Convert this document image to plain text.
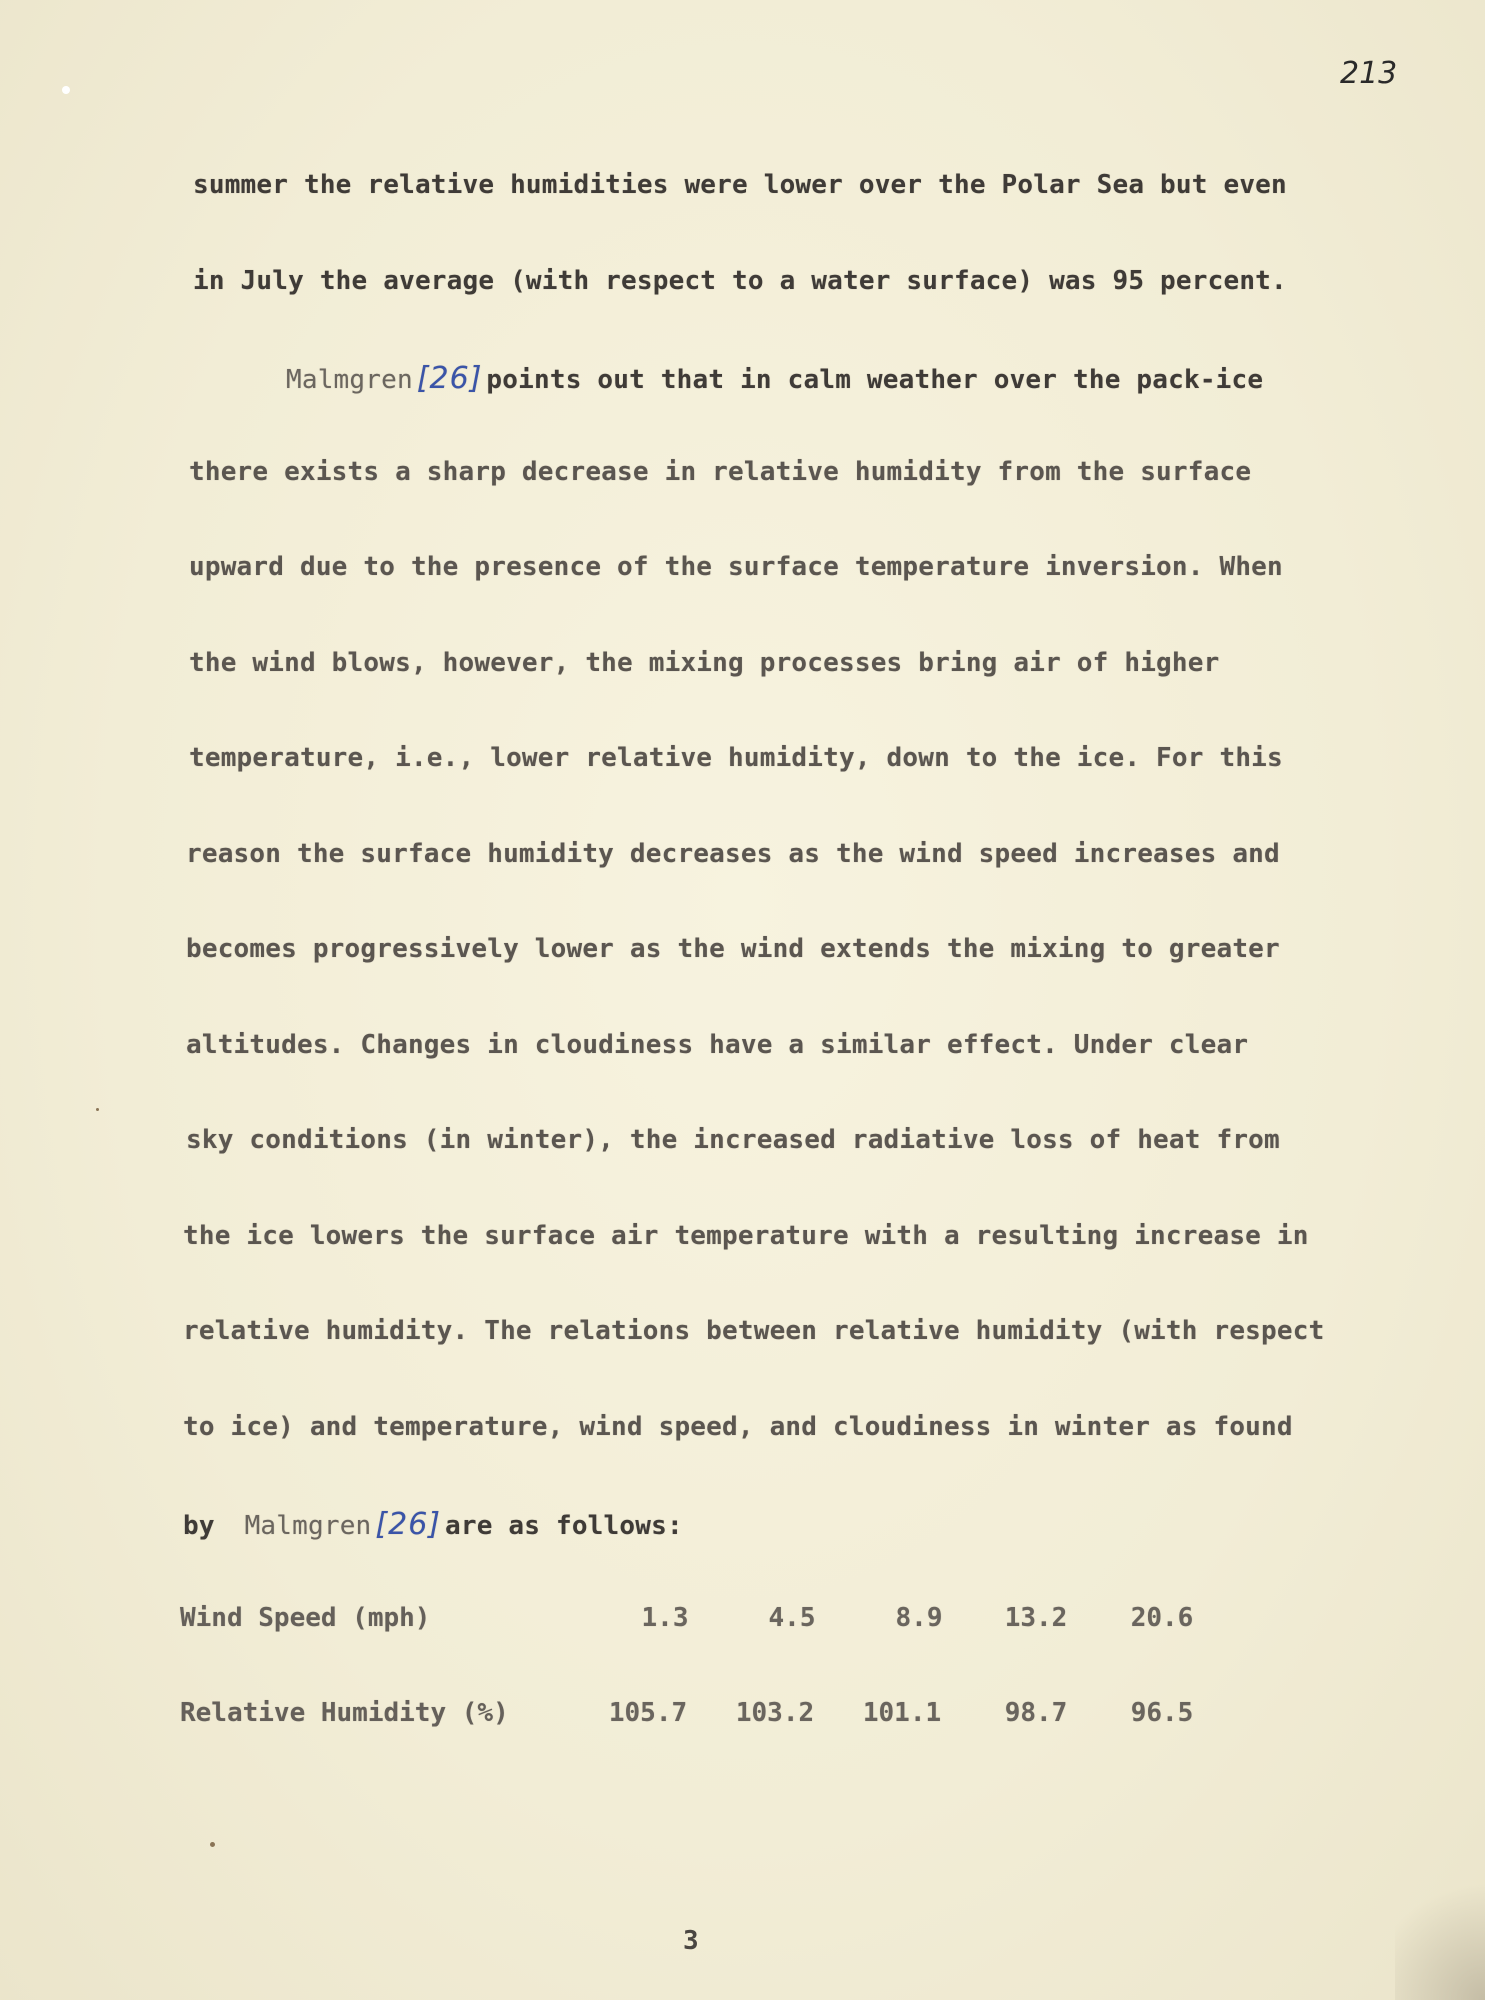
213
summer the relative humidities were lower over the Polar Sea but even
in July the average (with respect to a water surface) was 95 percent.
Malmgren [26] points out that in calm weather over the pack-ice
there exists a sharp decrease in relative humidity from the surface
upward due to the presence of the surface temperature inversion. When
the wind blows, however, the mixing processes bring air of higher
temperature, i.e., lower relative humidity, down to the ice. For this
reason the surface humidity decreases as the wind speed increases and
becomes progressively lower as the wind extends the mixing to greater
altitudes. Changes in cloudiness have a similar effect. Under clear
sky conditions (in winter), the increased radiative loss of heat from
the ice lowers the surface air temperature with a resulting increase in
relative humidity. The relations between relative humidity (with respect
to ice) and temperature, wind speed, and cloudiness in winter as found
by Malmgren [26] are as follows:
Wind Speed (mph)	1.3	4.5	8.9	13.2	20.6
Relative Humidity (%)	105.7	103.2	101.1	98.7	96.5
3
